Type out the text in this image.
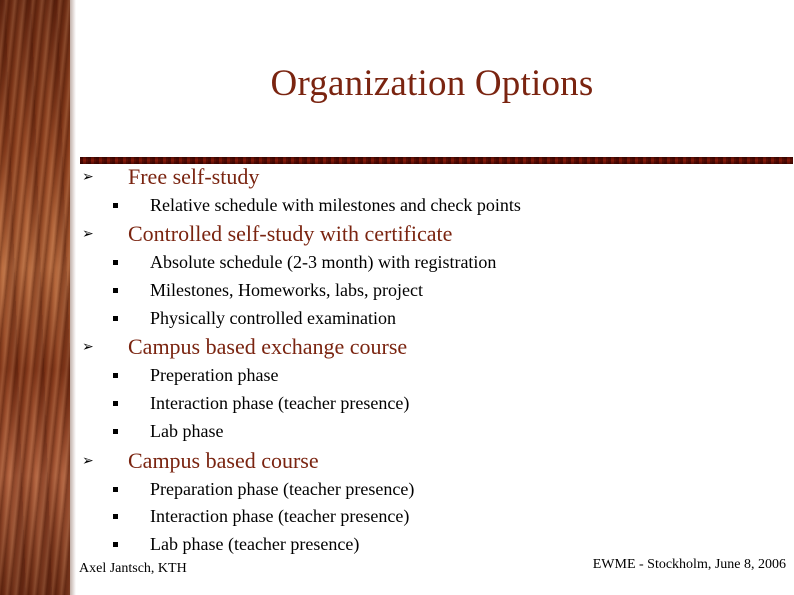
Organization Options
➢ Free self-study
Relative schedule with milestones and check points
➢ Controlled self-study with certificate
Absolute schedule (2-3 month) with registration
Milestones, Homeworks, labs, project
Physically controlled examination
➢ Campus based exchange course
Preperation phase
Interaction phase (teacher presence)
Lab phase
➢ Campus based course
Preparation phase (teacher presence)
Interaction phase (teacher presence)
Lab phase (teacher presence)
Axel Jantsch, KTH	EWME - Stockholm, June 8, 2006
